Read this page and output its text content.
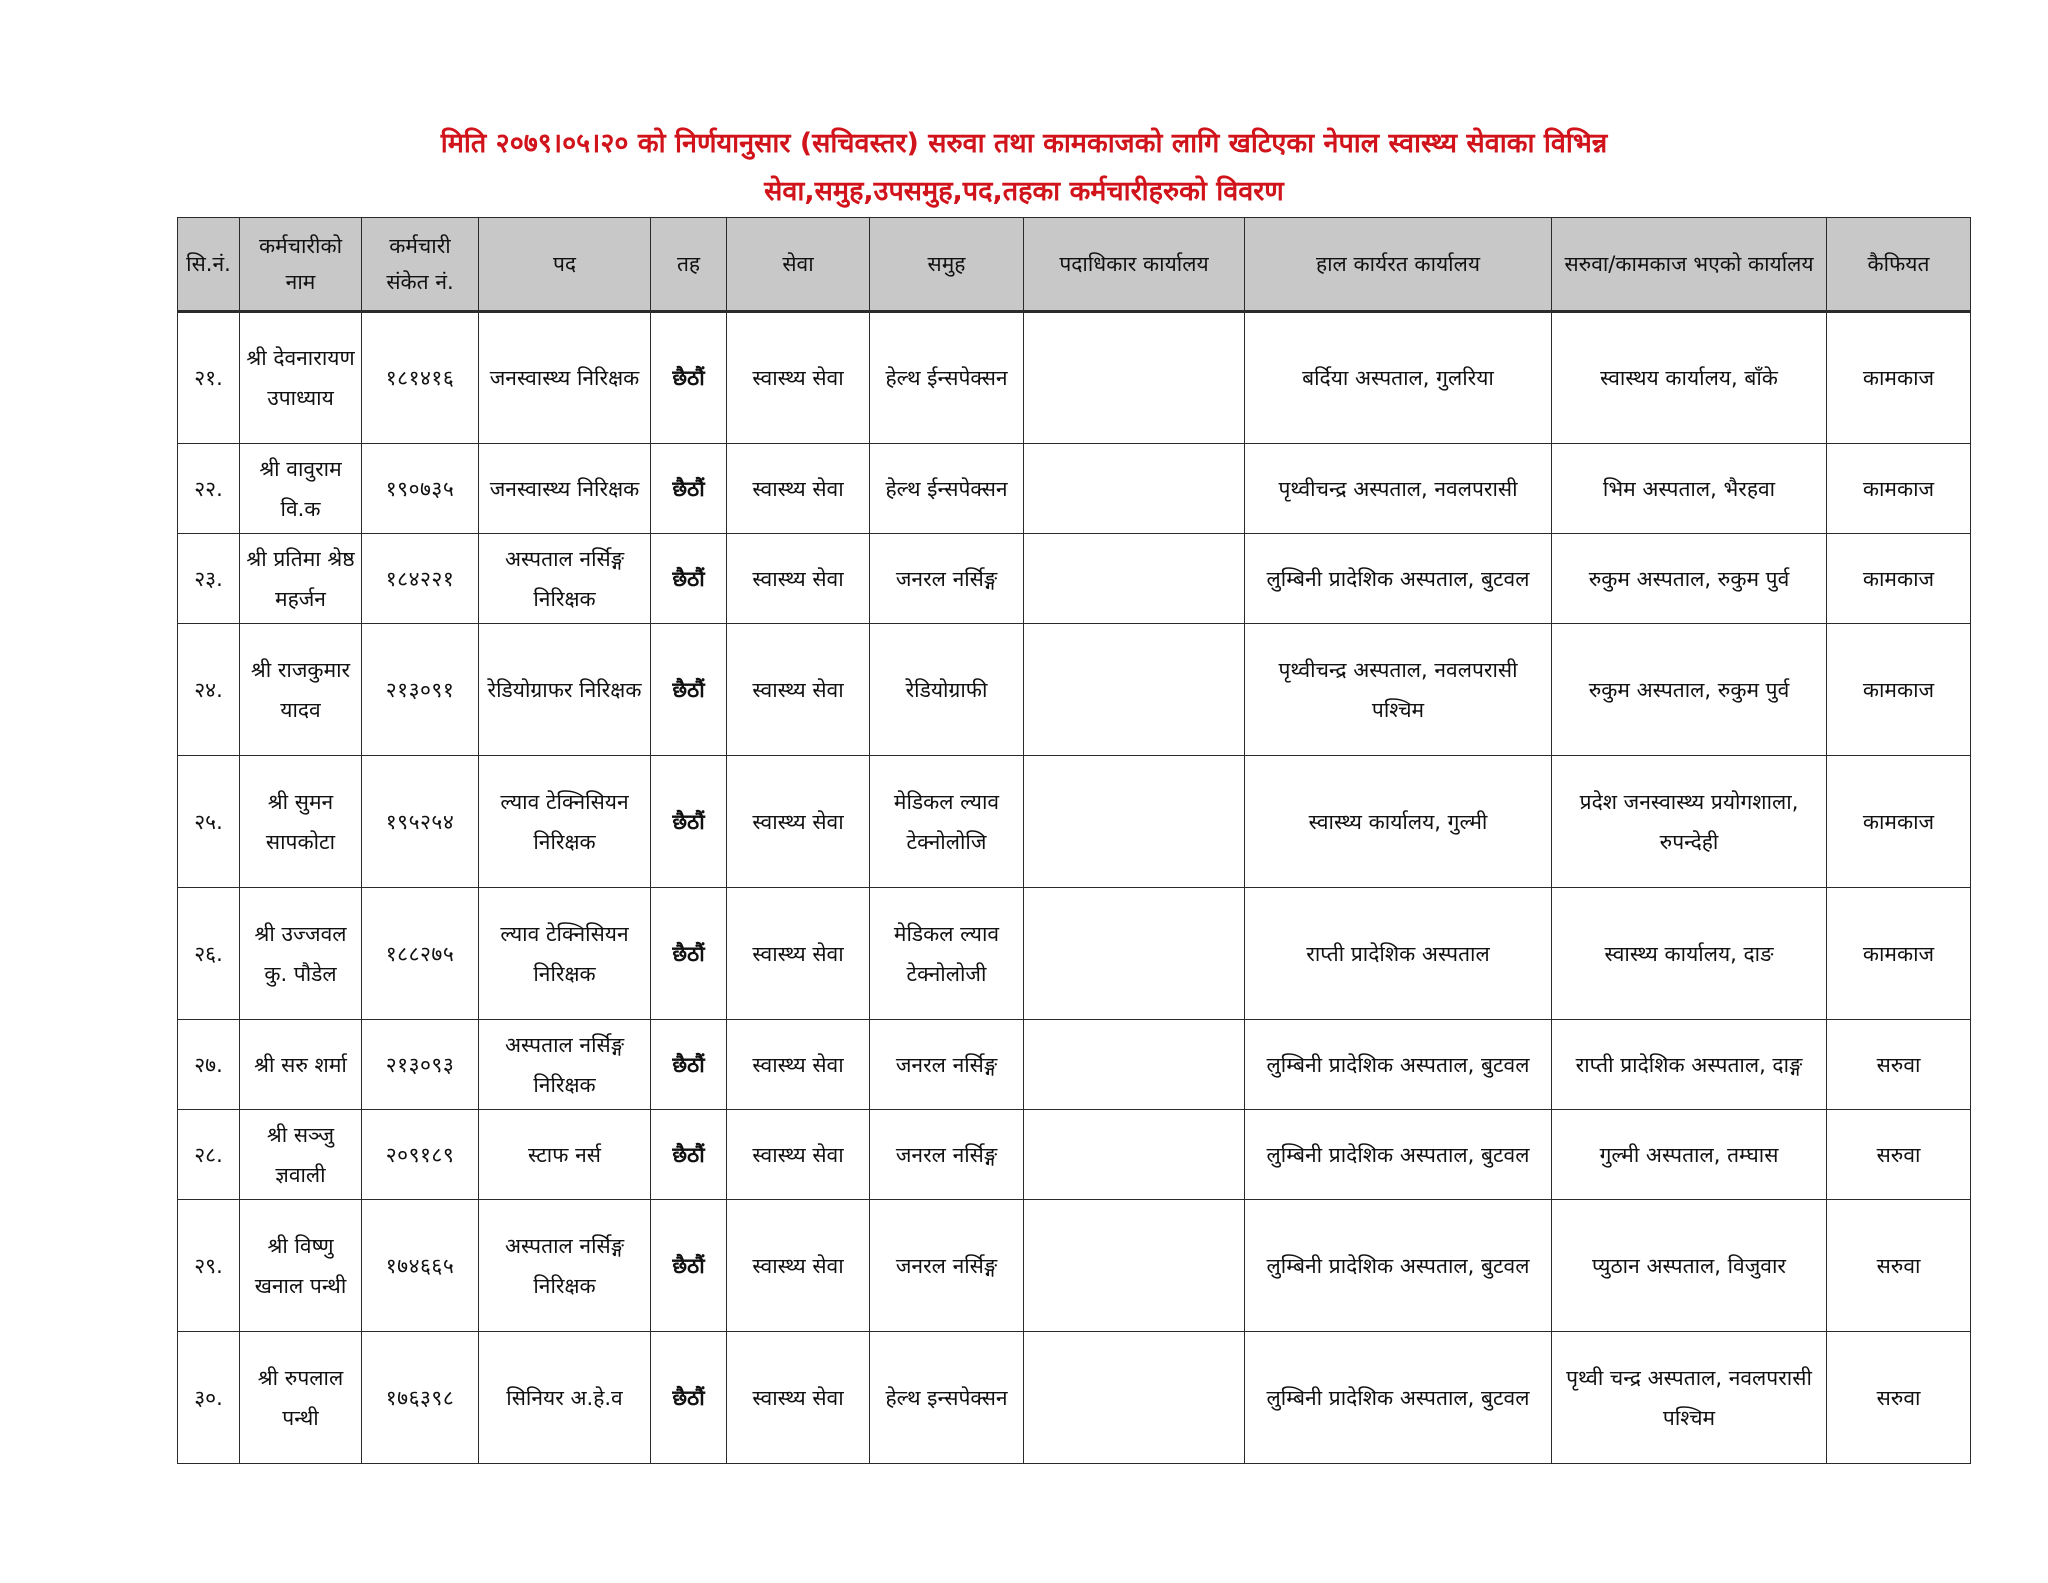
मिति २०७९।०५।२० को निर्णयानुसार (सचिवस्तर) सरुवा तथा कामकाजको लागि खटिएका नेपाल स्वास्थ्य सेवाका विभिन्न
सेवा,समुह,उपसमुह,पद,तहका कर्मचारीहरुको विवरण
सि.नं.	कर्मचारीको नाम	कर्मचारी संकेत नं.	पद	तह	सेवा	समुह	पदाधिकार कार्यालय	हाल कार्यरत कार्यालय	सरुवा/कामकाज भएको कार्यालय	कैफियत
२१.	श्री देवनारायण उपाध्याय	१८१४१६	जनस्वास्थ्य निरिक्षक	छैठौं	स्वास्थ्य सेवा	हेल्थ ईन्सपेक्सन		बर्दिया अस्पताल, गुलरिया	स्वास्थय कार्यालय, बाँके	कामकाज
२२.	श्री वावुराम वि.क	१९०७३५	जनस्वास्थ्य निरिक्षक	छैठौं	स्वास्थ्य सेवा	हेल्थ ईन्सपेक्सन		पृथ्वीचन्द्र अस्पताल, नवलपरासी	भिम अस्पताल, भैरहवा	कामकाज
२३.	श्री प्रतिमा श्रेष्ठ महर्जन	१८४२२१	अस्पताल नर्सिङ्ग निरिक्षक	छैठौं	स्वास्थ्य सेवा	जनरल नर्सिङ्ग		लुम्बिनी प्रादेशिक अस्पताल, बुटवल	रुकुम अस्पताल, रुकुम पुर्व	कामकाज
२४.	श्री राजकुमार यादव	२१३०९१	रेडियोग्राफर निरिक्षक	छैठौं	स्वास्थ्य सेवा	रेडियोग्राफी		पृथ्वीचन्द्र अस्पताल, नवलपरासी पश्चिम	रुकुम अस्पताल, रुकुम पुर्व	कामकाज
२५.	श्री सुमन सापकोटा	१९५२५४	ल्याव टेक्निसियन निरिक्षक	छैठौं	स्वास्थ्य सेवा	मेडिकल ल्याव टेक्नोलोजि		स्वास्थ्य कार्यालय, गुल्मी	प्रदेश जनस्वास्थ्य प्रयोगशाला, रुपन्देही	कामकाज
२६.	श्री उज्जवल कु. पौडेल	१८८२७५	ल्याव टेक्निसियन निरिक्षक	छैठौं	स्वास्थ्य सेवा	मेडिकल ल्याव टेक्नोलोजी		राप्ती प्रादेशिक अस्पताल	स्वास्थ्य कार्यालय, दाङ	कामकाज
२७.	श्री सरु शर्मा	२१३०९३	अस्पताल नर्सिङ्ग निरिक्षक	छैठौं	स्वास्थ्य सेवा	जनरल नर्सिङ्ग		लुम्बिनी प्रादेशिक अस्पताल, बुटवल	राप्ती प्रादेशिक अस्पताल, दाङ्ग	सरुवा
२८.	श्री सञ्जु ज्ञवाली	२०९१८९	स्टाफ नर्स	छैठौं	स्वास्थ्य सेवा	जनरल नर्सिङ्ग		लुम्बिनी प्रादेशिक अस्पताल, बुटवल	गुल्मी अस्पताल, तम्घास	सरुवा
२९.	श्री विष्णु खनाल पन्थी	१७४६६५	अस्पताल नर्सिङ्ग निरिक्षक	छैठौं	स्वास्थ्य सेवा	जनरल नर्सिङ्ग		लुम्बिनी प्रादेशिक अस्पताल, बुटवल	प्युठान अस्पताल, विजुवार	सरुवा
३०.	श्री रुपलाल पन्थी	१७६३९८	सिनियर अ.हे.व	छैठौं	स्वास्थ्य सेवा	हेल्थ इन्सपेक्सन		लुम्बिनी प्रादेशिक अस्पताल, बुटवल	पृथ्वी चन्द्र अस्पताल, नवलपरासी पश्चिम	सरुवा
